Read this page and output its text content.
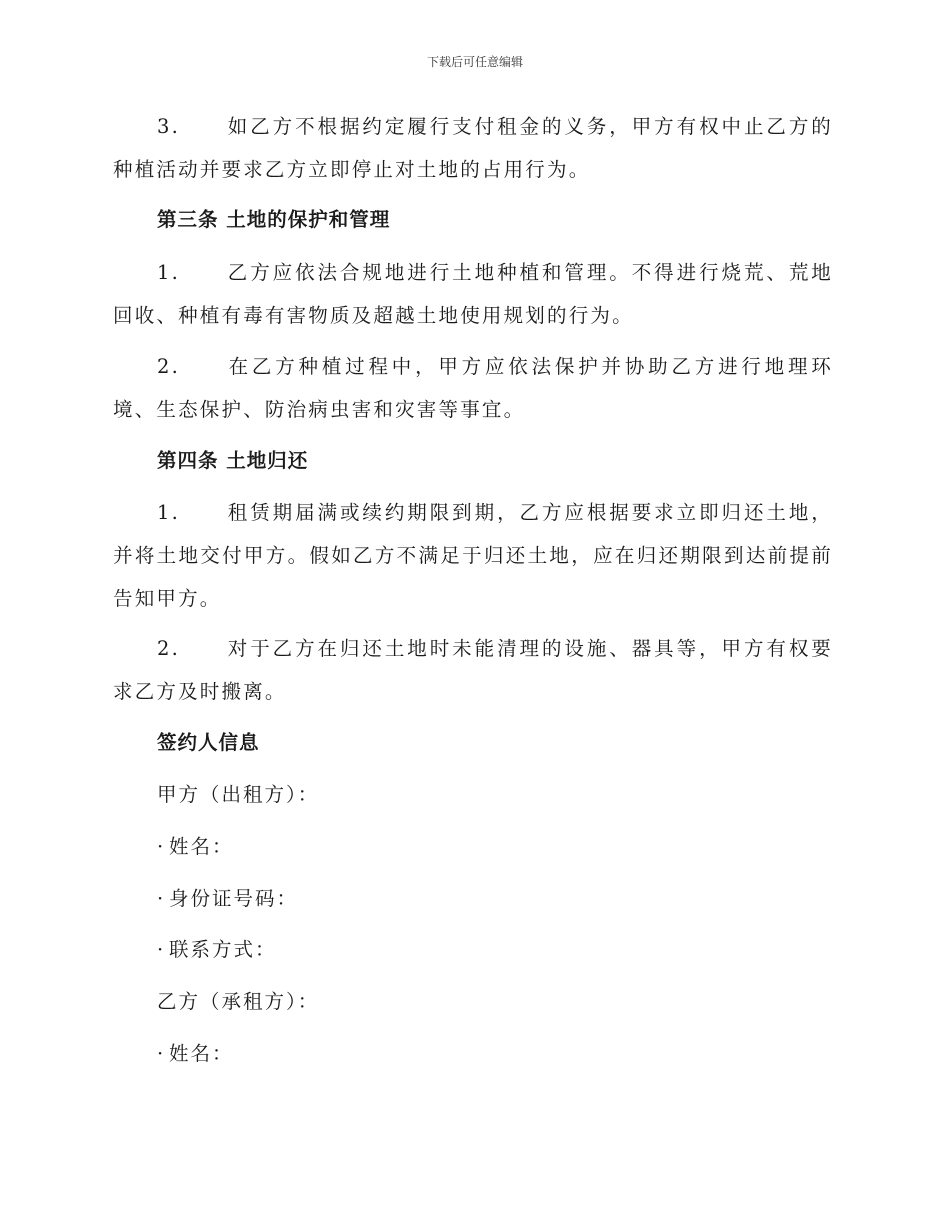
下载后可任意编辑
3. 如乙方不根据约定履行支付租金的义务，甲方有权中止乙方的种植活动并要求乙方立即停止对土地的占用行为。
第三条 土地的保护和管理
1. 乙方应依法合规地进行土地种植和管理。不得进行烧荒、荒地回收、种植有毒有害物质及超越土地使用规划的行为。
2. 在乙方种植过程中，甲方应依法保护并协助乙方进行地理环境、生态保护、防治病虫害和灾害等事宜。
第四条 土地归还
1. 租赁期届满或续约期限到期，乙方应根据要求立即归还土地，并将土地交付甲方。假如乙方不满足于归还土地，应在归还期限到达前提前告知甲方。
2. 对于乙方在归还土地时未能清理的设施、器具等，甲方有权要求乙方及时搬离。
签约人信息
甲方（出租方）：
· 姓名：
· 身份证号码：
· 联系方式：
乙方（承租方）：
· 姓名：
